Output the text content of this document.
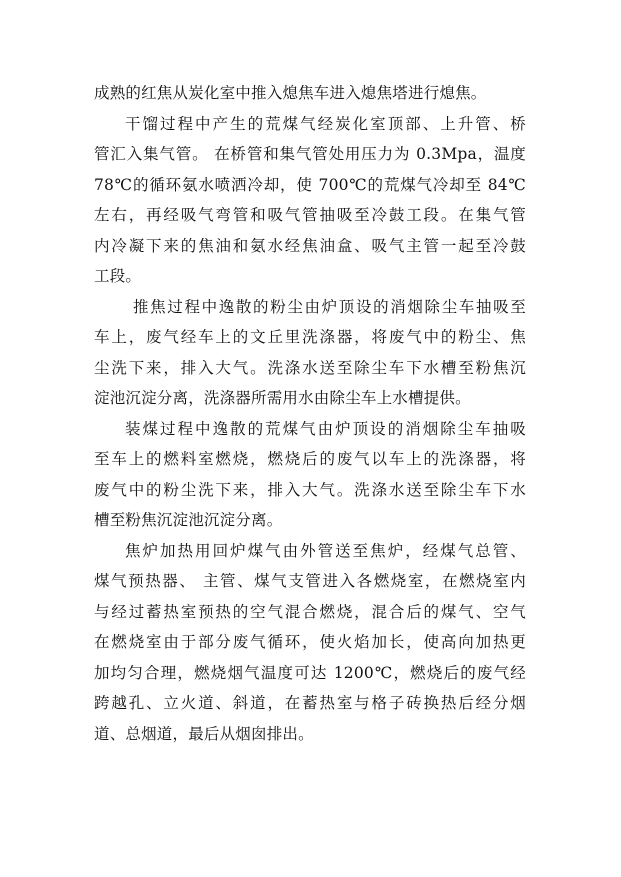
成熟的红焦从炭化室中推入熄焦车进入熄焦塔进行熄焦。
干馏过程中产生的荒煤气经炭化室顶部、上升管、桥
管汇入集气管。 在桥管和集气管处用压力为 0.3Mpa，温度
78℃的循环氨水喷洒冷却，使 700℃的荒煤气冷却至 84℃
左右，再经吸气弯管和吸气管抽吸至冷鼓工段。在集气管
内冷凝下来的焦油和氨水经焦油盒、吸气主管一起至冷鼓
工段。
推焦过程中逸散的粉尘由炉顶设的消烟除尘车抽吸至
车上，废气经车上的文丘里洗涤器，将废气中的粉尘、焦
尘洗下来，排入大气。洗涤水送至除尘车下水槽至粉焦沉
淀池沉淀分离，洗涤器所需用水由除尘车上水槽提供。
装煤过程中逸散的荒煤气由炉顶设的消烟除尘车抽吸
至车上的燃料室燃烧，燃烧后的废气以车上的洗涤器，将
废气中的粉尘洗下来，排入大气。洗涤水送至除尘车下水
槽至粉焦沉淀池沉淀分离。
焦炉加热用回炉煤气由外管送至焦炉，经煤气总管、
煤气预热器、 主管、煤气支管进入各燃烧室，在燃烧室内
与经过蓄热室预热的空气混合燃烧，混合后的煤气、空气
在燃烧室由于部分废气循环，使火焰加长，使高向加热更
加均匀合理，燃烧烟气温度可达 1200℃，燃烧后的废气经
跨越孔、立火道、斜道，在蓄热室与格子砖换热后经分烟
道、总烟道，最后从烟囱排出。
